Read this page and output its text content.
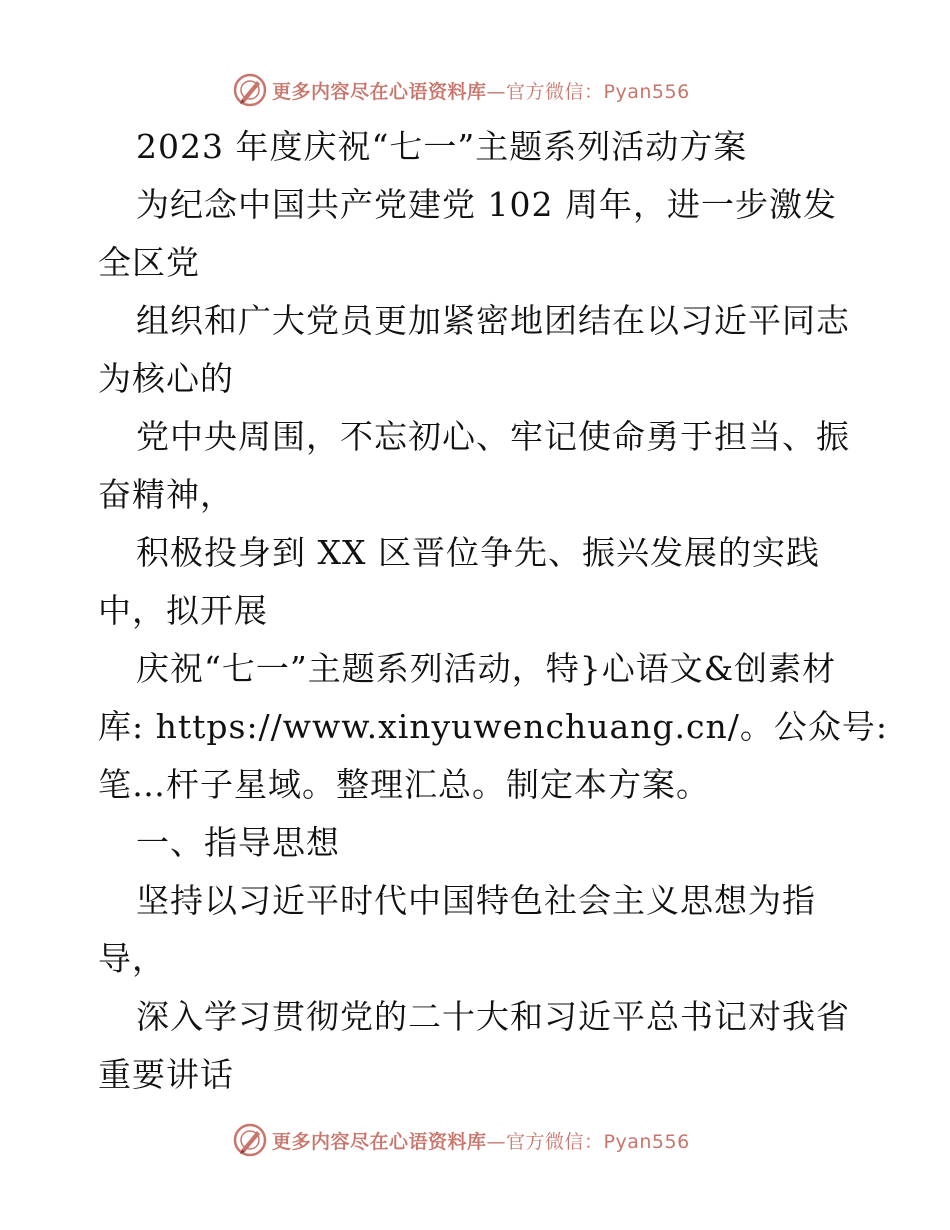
更多内容尽在心语资料库 —官方微信：Pyan556
2023 年度庆祝“七一”主题系列活动方案
为纪念中国共产党建党 102 周年，进一步激发
全区党
组织和广大党员更加紧密地团结在以习近平同志
为核心的
党中央周围，不忘初心、牢记使命勇于担当、振
奋精神，
积极投身到 XX 区晋位争先、振兴发展的实践
中，拟开展
庆祝“七一”主题系列活动，特}心语文&创素材
库: https://www.xinyuwenchuang.cn/。公众号:
笔…杆子星域。整理汇总。制定本方案。
一、指导思想
坚持以习近平时代中国特色社会主义思想为指
导，
深入学习贯彻党的二十大和习近平总书记对我省
重要讲话
更多内容尽在心语资料库 —官方微信：Pyan556
